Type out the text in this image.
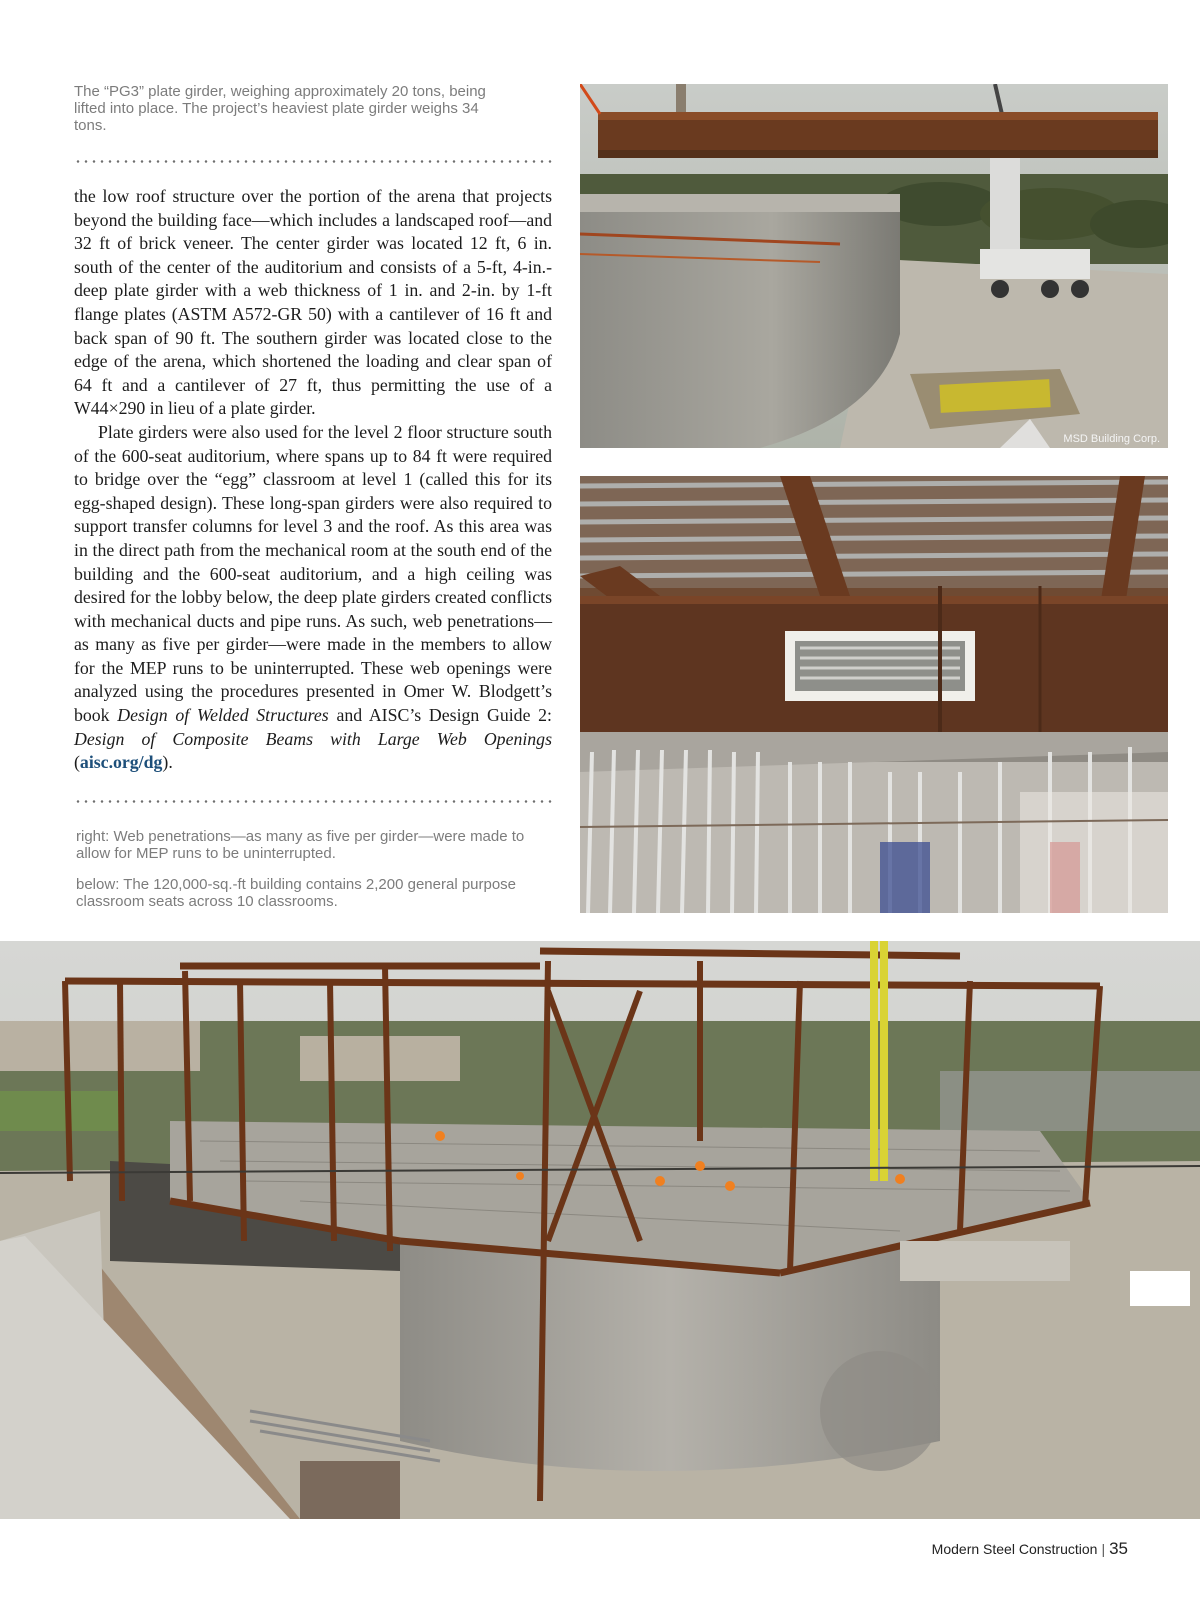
The “PG3” plate girder, weighing approximately 20 tons, being lifted into place. The project’s heaviest plate girder weighs 34 tons.

the low roof structure over the portion of the arena that projects beyond the building face—which includes a landscaped roof—and 32 ft of brick veneer. The center girder was located 12 ft, 6 in. south of the center of the auditorium and consists of a 5-ft, 4-in.-deep plate girder with a web thickness of 1 in. and 2-in. by 1-ft flange plates (ASTM A572-GR 50) with a cantilever of 16 ft and back span of 90 ft. The southern girder was located close to the edge of the arena, which shortened the loading and clear span of 64 ft and a cantilever of 27 ft, thus permitting the use of a W44×290 in lieu of a plate girder.

Plate girders were also used for the level 2 floor structure south of the 600-seat auditorium, where spans up to 84 ft were required to bridge over the “egg” classroom at level 1 (called this for its egg-shaped design). These long-span girders were also required to support transfer columns for level 3 and the roof. As this area was in the direct path from the mechanical room at the south end of the building and the 600-seat auditorium, and a high ceiling was desired for the lobby below, the deep plate girders created conflicts with mechanical ducts and pipe runs. As such, web penetrations—as many as five per girder—were made in the members to allow for the MEP runs to be uninterrupted. These web openings were analyzed using the procedures presented in Omer W. Blodgett’s book Design of Welded Structures and AISC’s Design Guide 2: Design of Composite Beams with Large Web Openings (aisc.org/dg).

right: Web penetrations—as many as five per girder—were made to allow for MEP runs to be uninterrupted.
below: The 120,000-sq.-ft building contains 2,200 general purpose classroom seats across 10 classrooms.
MSD Building Corp.
Modern Steel Construction | 35
